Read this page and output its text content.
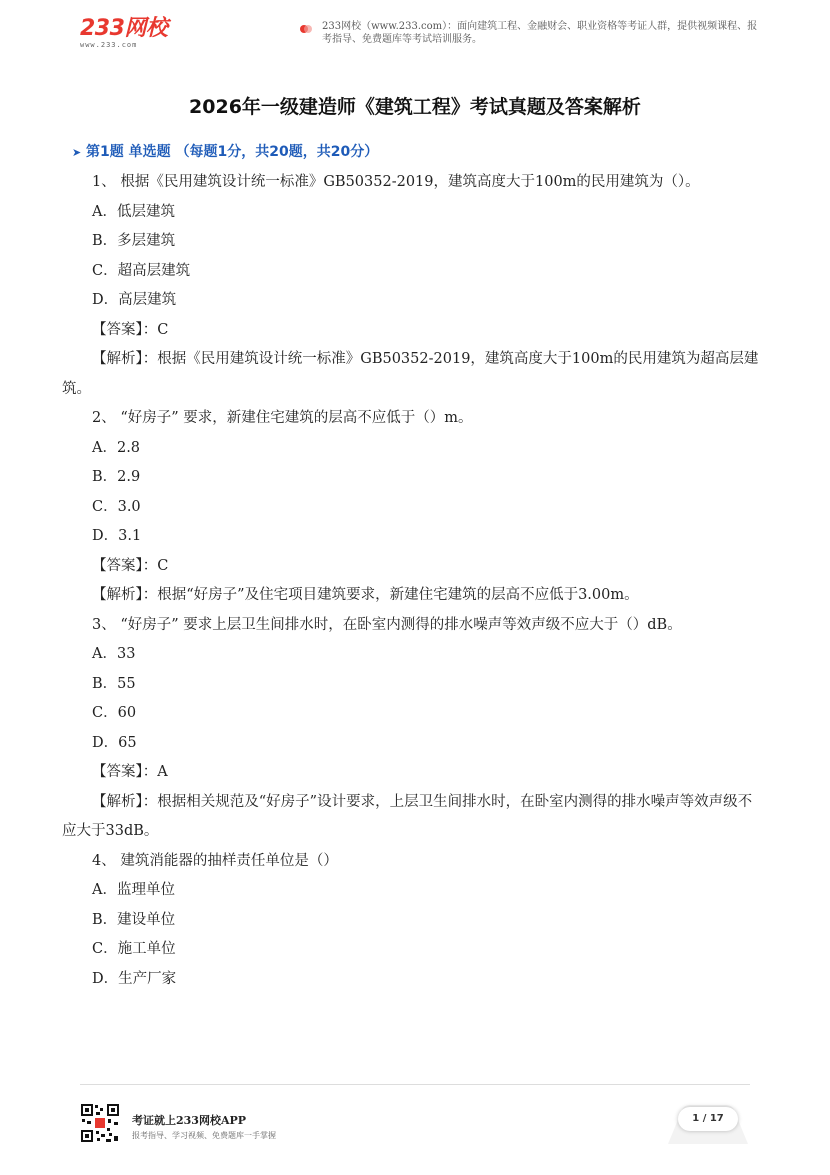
233网校
www.233.com
233网校（www.233.com）：面向建筑工程、金融财会、职业资格等考证人群，提供视频课程、报考指导、免费题库等考试培训服务。
2026年一级建造师《建筑工程》考试真题及答案解析
➤ 第1题 单选题 （每题1分，共20题，共20分）

1、 根据《民用建筑设计统一标准》GB50352-2019，建筑高度大于100m的民用建筑为（）。

A．低层建筑

B．多层建筑

C．超高层建筑

D．高层建筑

【答案】：C

【解析】：根据《民用建筑设计统一标准》GB50352-2019，建筑高度大于100m的民用建筑为超高层建筑。

2、 “好房子” 要求，新建住宅建筑的层高不应低于（）m。

A．2.8

B．2.9

C．3.0

D．3.1

【答案】：C

【解析】：根据“好房子”及住宅项目建筑要求，新建住宅建筑的层高不应低于3.00m。

3、 “好房子” 要求上层卫生间排水时，在卧室内测得的排水噪声等效声级不应大于（）dB。

A．33

B．55

C．60

D．65

【答案】：A

【解析】：根据相关规范及“好房子”设计要求，上层卫生间排水时，在卧室内测得的排水噪声等效声级不应大于33dB。

4、 建筑消能器的抽样责任单位是（）

A．监理单位

B．建设单位

C．施工单位

D．生产厂家

考证就上233网校APP
报考指导、学习视频、免费题库一手掌握
1 / 17
